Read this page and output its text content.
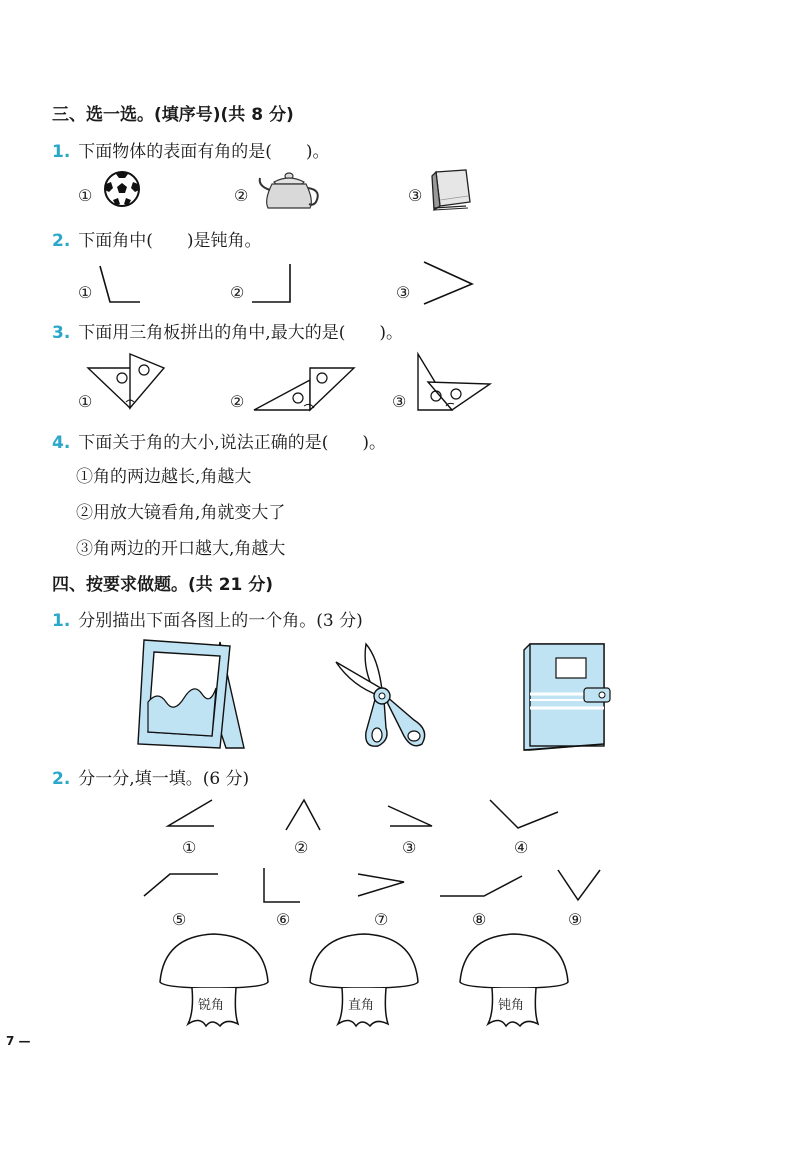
三、选一选。(填序号)(共 8 分)
1. 下面物体的表面有角的是(　　)。
①	②	③
2. 下面角中(　　)是钝角。
①	②	③
3. 下面用三角板拼出的角中,最大的是(　　)。
①	②	③
4. 下面关于角的大小,说法正确的是(　　)。
①角的两边越长,角越大
②用放大镜看角,角就变大了
③角两边的开口越大,角越大
四、按要求做题。(共 21 分)
1. 分别描出下面各图上的一个角。(3 分)
2. 分一分,填一填。(6 分)
①	②	③	④
⑤	⑥	⑦	⑧	⑨
锐角	直角	钝角
7 —
